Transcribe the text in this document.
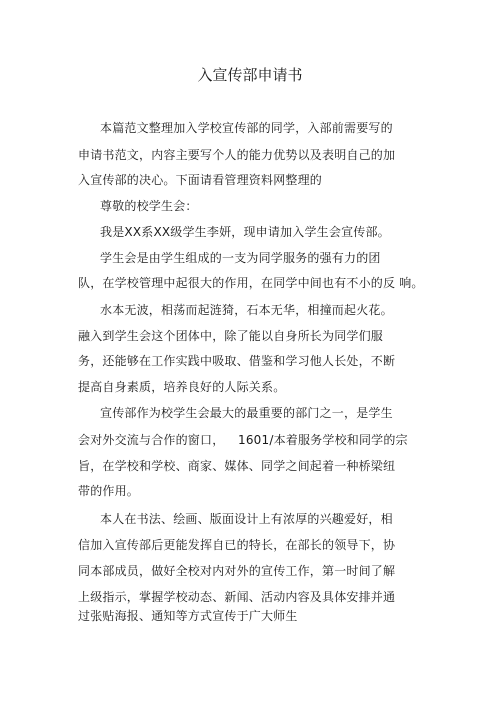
入宣传部申请书
本篇范文整理加入学校宣传部的同学，入部前需要写的
申请书范文，内容主要写个人的能力优势以及表明自己的加
入宣传部的决心。下面请看管理资料网整理的
尊敬的校学生会：
我是XX系XX级学生李妍，现申请加入学生会宣传部。
学生会是由学生组成的一支为同学服务的强有力的团
队，在学校管理中起很大的作用，在同学中间也有不小的反 响。
水本无波，相荡而起涟猗，石本无华，相撞而起火花。
融入到学生会这个团体中，除了能以自身所长为同学们服
务，还能够在工作实践中吸取、借鉴和学习他人长处，不断
提高自身素质，培养良好的人际关系。
宣传部作为校学生会最大的最重要的部门之一，是学生
会对外交流与合作的窗口， 1601/本着服务学校和同学的宗
旨，在学校和学校、商家、媒体、同学之间起着一种桥梁纽
带的作用。
本人在书法、绘画、版面设计上有浓厚的兴趣爱好，相
信加入宣传部后更能发挥自已的特长，在部长的领导下，协
同本部成员，做好全校对内对外的宣传工作，第一时间了解
上级指示，掌握学校动态、新闻、活动内容及具体安排并通
过张贴海报、通知等方式宣传于广大师生
